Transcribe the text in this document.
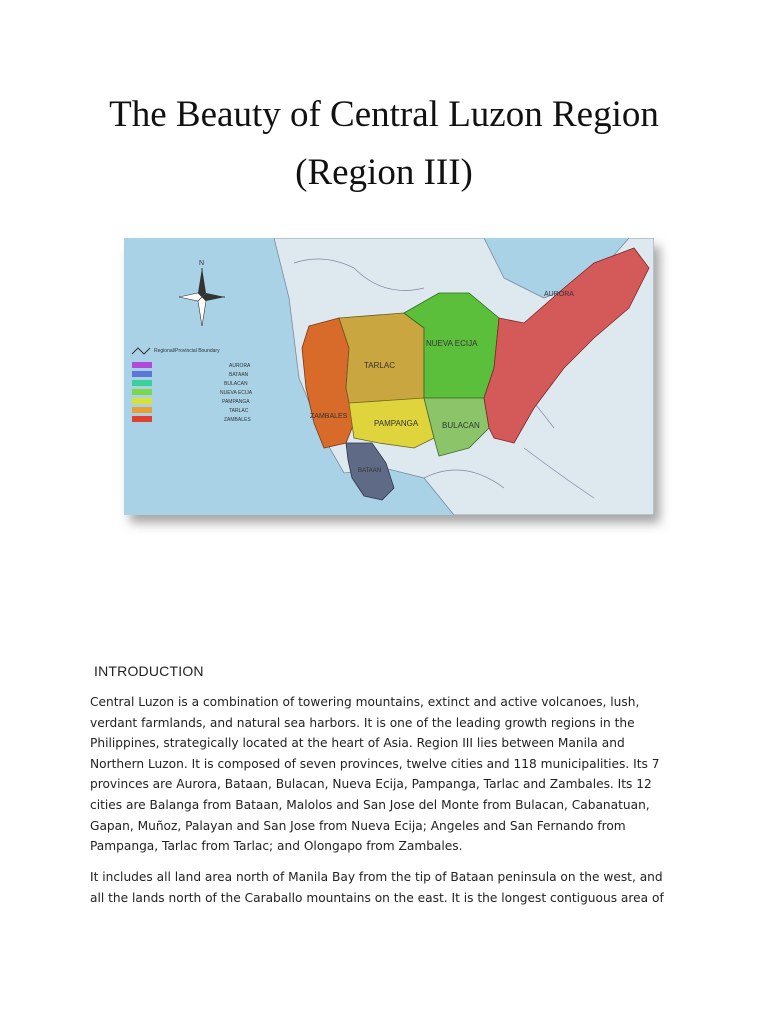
The Beauty of Central Luzon Region
(Region III)
AURORA
NUEVA ECIJA
TARLAC
ZAMBALES
PAMPANGA	BULACAN
BATAAN
N
Regional/Provincial Boundary
AURORA
BATAAN
BULACAN
NUEVA ECIJA
PAMPANGA
TARLAC
ZAMBALES
INTRODUCTION

Central Luzon is a combination of towering mountains, extinct and active volcanoes, lush,
verdant farmlands, and natural sea harbors. It is one of the leading growth regions in the
Philippines, strategically located at the heart of Asia. Region III lies between Manila and
Northern Luzon. It is composed of seven provinces, twelve cities and 118 municipalities. Its 7
provinces are Aurora, Bataan, Bulacan, Nueva Ecija, Pampanga, Tarlac and Zambales. Its 12
cities are Balanga from Bataan, Malolos and San Jose del Monte from Bulacan, Cabanatuan,
Gapan, Muñoz, Palayan and San Jose from Nueva Ecija; Angeles and San Fernando from
Pampanga, Tarlac from Tarlac; and Olongapo from Zambales.

It includes all land area north of Manila Bay from the tip of Bataan peninsula on the west, and
all the lands north of the Caraballo mountains on the east. It is the longest contiguous area of
